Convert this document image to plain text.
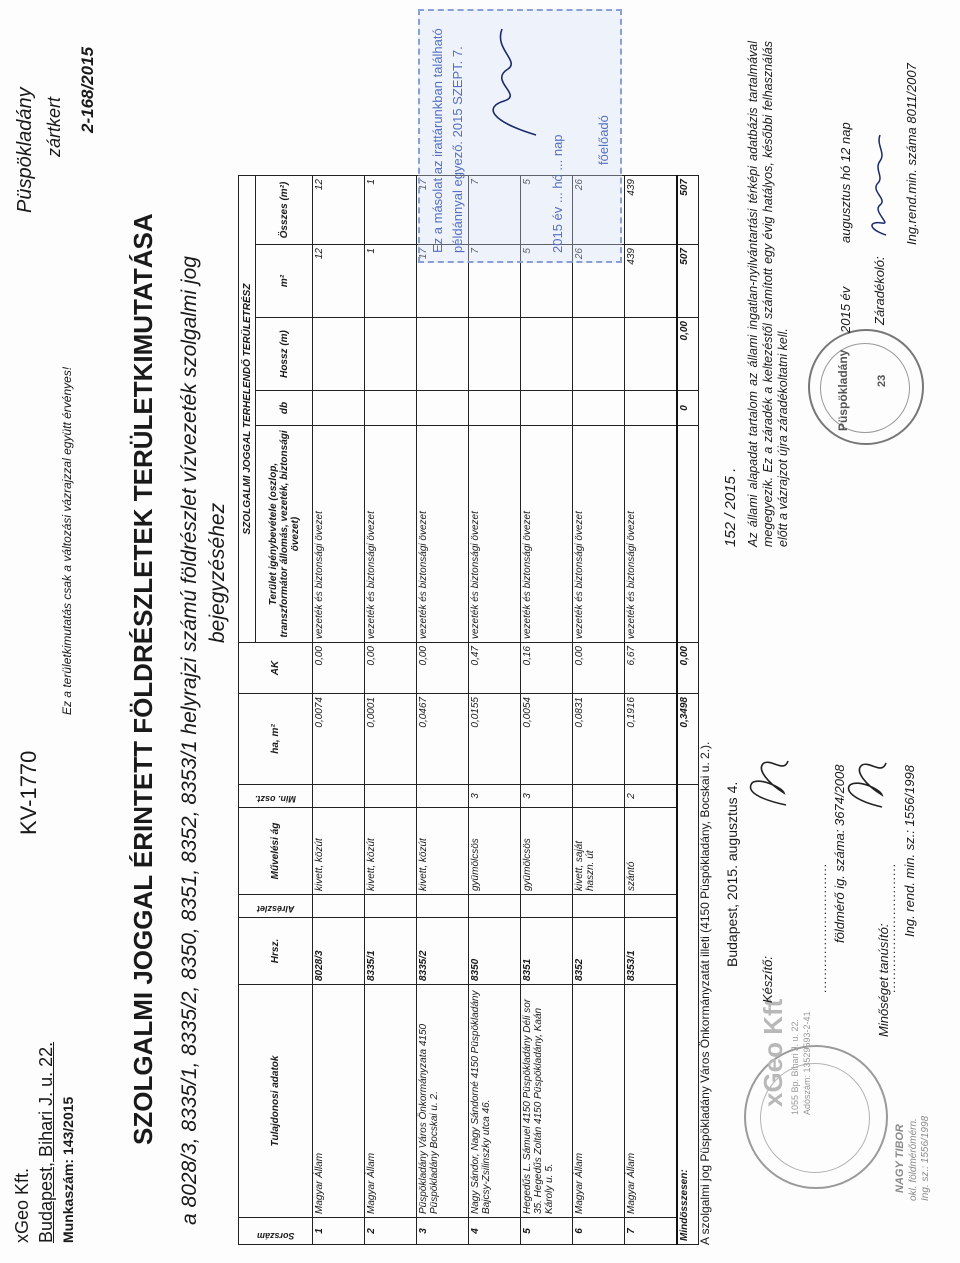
xGeo Kft. Budapest, Bihari J. u. 22. Munkaszám: 143/2015
KV-1770
Ez a területkimutatás csak a változási vázrajzzal együtt érvényes!
Püspökladány zártkert 2-168/2015
SZOLGALMI JOGGAL ÉRINTETT FÖLDRÉSZLETEK TERÜLETKIMUTATÁSA a 8028/3, 8335/1, 8335/2, 8350, 8351, 8352, 8353/1 helyrajzi számú földrészlet vízvezeték szolgalmi jog bejegyzéséhez
Sorszám	Tulajdonosi adatok	Hrsz.	Alrészlet	Művelési ág	Min. oszt.	ha, m²	AK	SZOLGALMI JOGGAL TERHELENDŐ TERÜLETRÉSZ				
								Terület igénybevétele (oszlop, transzformátor állomás, vezeték, biztonsági övezet)	db	Hossz (m)	m²	Összes (m²)
1	Magyar Állam	8028/3		kivett, közút		0,0074	0,00	vezeték és biztonsági övezet			12	12
2	Magyar Állam	8335/1		kivett, közút		0,0001	0,00	vezeték és biztonsági övezet			1	1
3	Püspökladány Város Önkormányzata 4150 Püspökladány Bocskai u. 2.	8335/2		kivett, közút		0,0467	0,00	vezeték és biztonsági övezet			17	17
4	Nagy Sándor, Nagy Sándorné 4150 Püspökladány Bajcsy-Zsilinszky utca 46.	8350		gyümölcsös	3	0,0155	0,47	vezeték és biztonsági övezet			7	7
5	Hegedűs L. Sámuel 4150 Püspökladány Déli sor 35. Hegedűs Zoltán 4150 Püspökladány, Kaán Károly u. 5.	8351		gyümölcsös	3	0,0054	0,16	vezeték és biztonsági övezet			5	5
6	Magyar Állam	8352		kivett, saját haszn. út		0,0831	0,00	vezeték és biztonsági övezet			26	26
7	Magyar Állam	8353/1		szántó	2	0,1916	6,67	vezeték és biztonsági övezet			439	439
Mindösszesen:						0,3498	0,00		0	0,00	507	507
A szolgalmi jog Püspökladány Város Önkormányzatát illeti (4150 Püspökladány, Bocskai u. 2.). Budapest, 2015. augusztus 4.
xGeo Kft 1055 Bp. Bihari J. u. 22. Adószám: 13529593-2-41
Készítő:
földmérő ig. száma: 3674/2008
..............................	Minőséget tanúsító:
.............................. Ing. rend. min. sz.: 1556/1998
NAGY TIBOR okl. földmérőmérn. Ing. sz.: 1556/1998
152 / 2015 . Az állami alapadat tartalom az állami ingatlan-nyilvántartási térképi adatbázis tartalmával megegyezik. Ez a záradék a keltezéstől számított egy évig hatályos, későbbi felhasználás előtt a vázrajzot újra záradékoltatni kell.	Püspökladány 23
2015 év
augusztus hó 12 nap
Záradékoló:
Ing.rend.min. száma 8011/2007
Ez a másolat az irattárunkban található példánnyal egyező. 2015 SZEPT. 7.	2015 év ... hó ... nap főelőadó
